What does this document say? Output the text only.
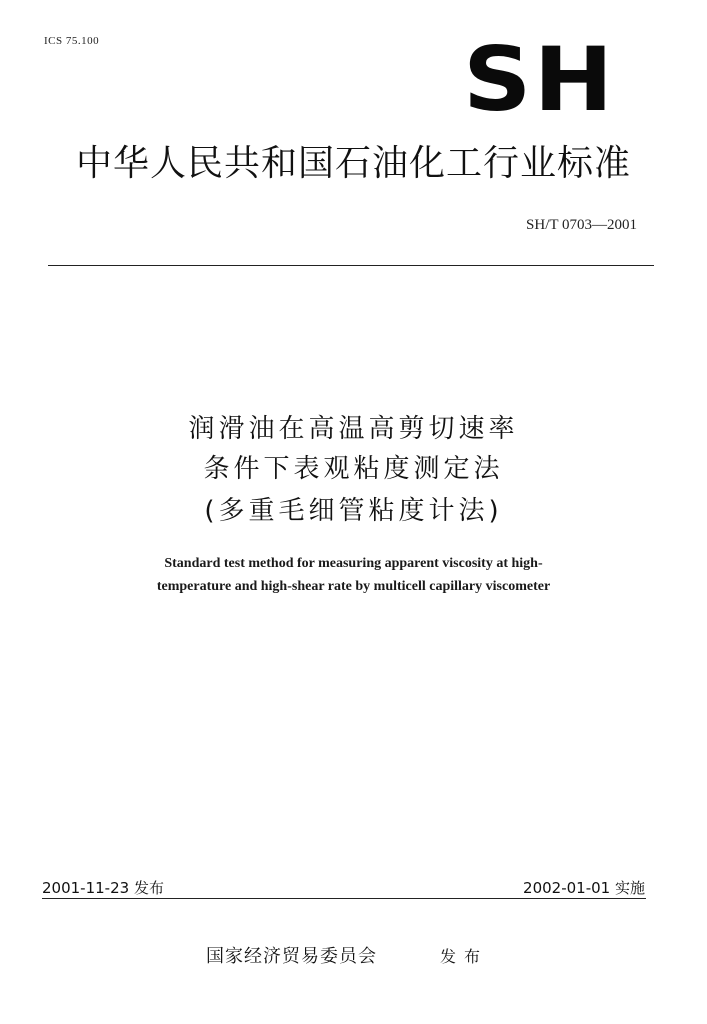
ICS 75.100	SH
中华人民共和国石油化工行业标准
SH/T 0703—2001
润滑油在高温高剪切速率
条件下表观粘度测定法
(多重毛细管粘度计法)
Standard test method for measuring apparent viscosity at high-
temperature and high-shear rate by multicell capillary viscometer
2001-11-23 发布	2002-01-01 实施
国家经济贸易委员会	发布
